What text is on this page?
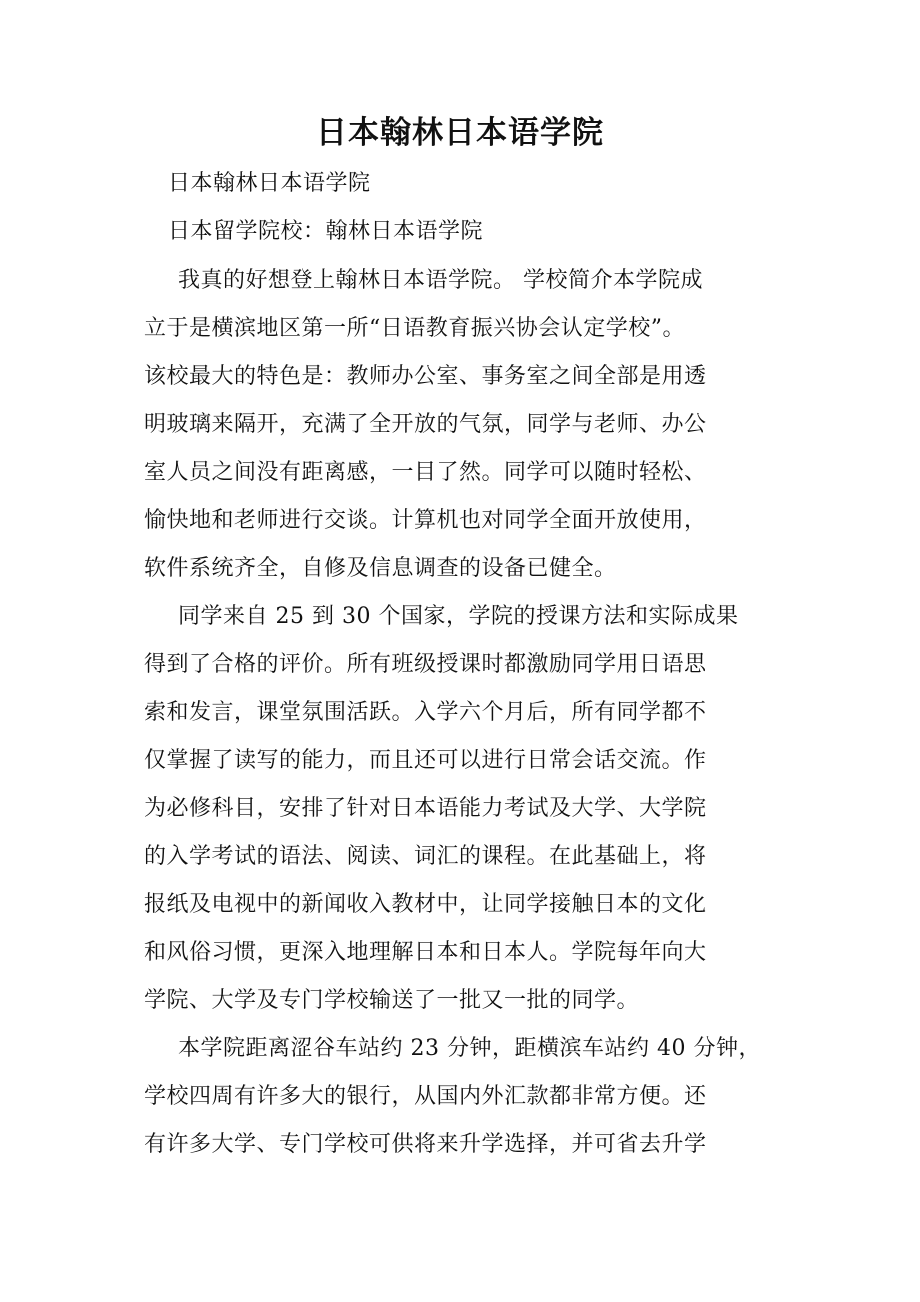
日本翰林日本语学院
日本翰林日本语学院
日本留学院校：翰林日本语学院
我真的好想登上翰林日本语学院。 学校简介本学院成
立于是横滨地区第一所“日语教育振兴协会认定学校”。
该校最大的特色是：教师办公室、事务室之间全部是用透
明玻璃来隔开，充满了全开放的气氛，同学与老师、办公
室人员之间没有距离感，一目了然。同学可以随时轻松、
愉快地和老师进行交谈。计算机也对同学全面开放使用，
软件系统齐全，自修及信息调查的设备已健全。
同学来自 25 到 30 个国家，学院的授课方法和实际成果
得到了合格的评价。所有班级授课时都激励同学用日语思
索和发言，课堂氛围活跃。入学六个月后，所有同学都不
仅掌握了读写的能力，而且还可以进行日常会话交流。作
为必修科目，安排了针对日本语能力考试及大学、大学院
的入学考试的语法、阅读、词汇的课程。在此基础上，将
报纸及电视中的新闻收入教材中，让同学接触日本的文化
和风俗习惯，更深入地理解日本和日本人。学院每年向大
学院、大学及专门学校输送了一批又一批的同学。
本学院距离涩谷车站约 23 分钟，距横滨车站约 40 分钟，
学校四周有许多大的银行，从国内外汇款都非常方便。还
有许多大学、专门学校可供将来升学选择，并可省去升学
